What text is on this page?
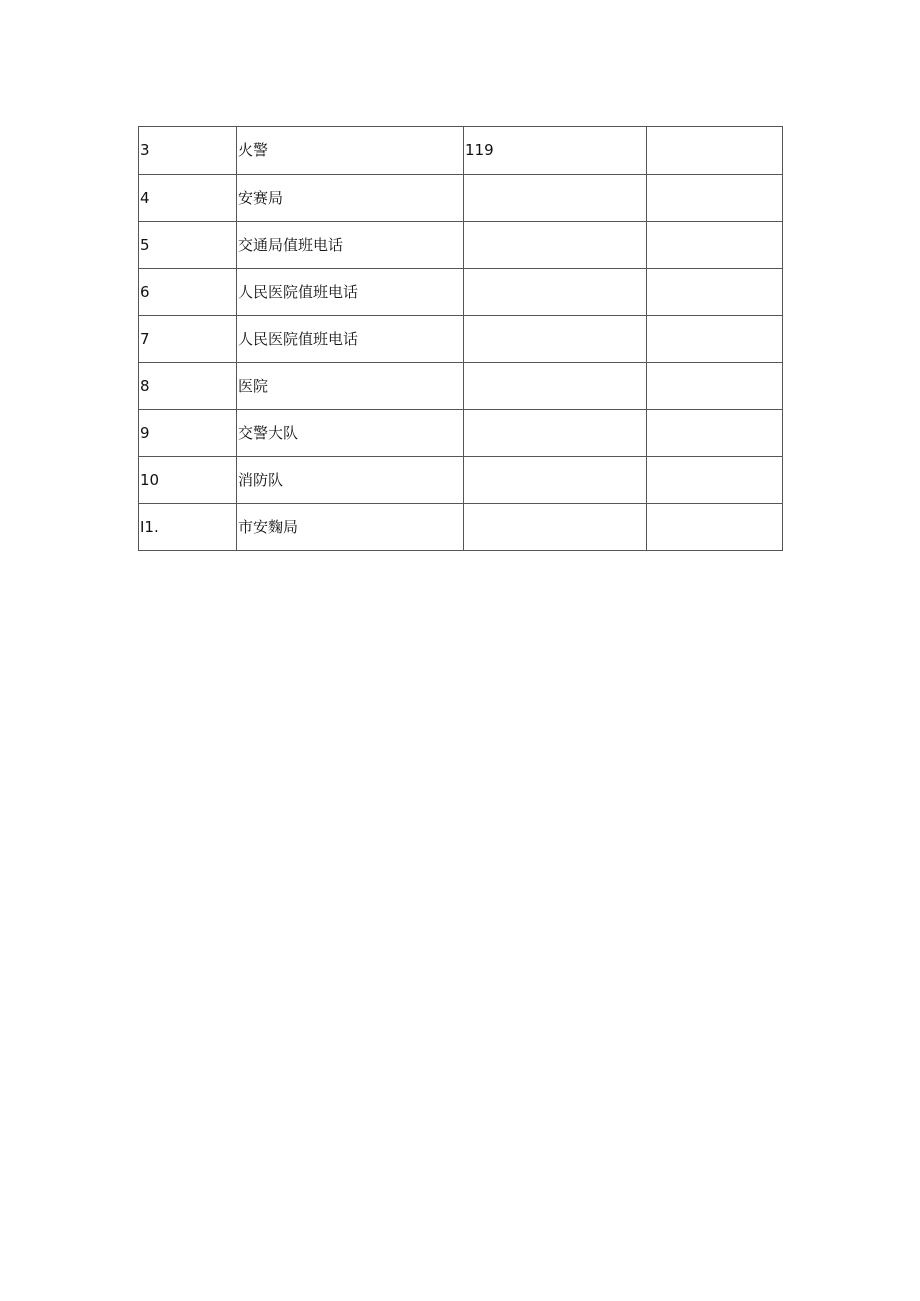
3	火警	119	
4	安赛局		
5	交通局值班电话		
6	人民医院值班电话		
7	人民医院值班电话		
8	医院		
9	交警大队		
10	消防队		
I1.	市安麴局		
